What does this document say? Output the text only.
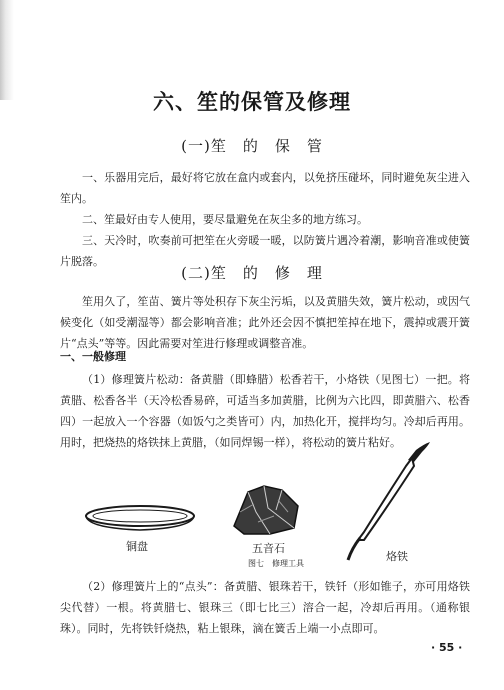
六、笙的保管及修理
(一)笙　的　保　管
一、乐器用完后，最好将它放在盒内或套内，以免挤压碰坏，同时避免灰尘进入笙内。
二、笙最好由专人使用，要尽量避免在灰尘多的地方练习。
三、天冷时，吹奏前可把笙在火旁暖一暖，以防簧片遇冷着潮，影响音准或使簧片脱落。
(二)笙　的　修　理
笙用久了，笙苗、簧片等处积存下灰尘污垢，以及黄腊失效，簧片松动，或因气候变化（如受潮湿等）都会影响音准；此外还会因不慎把笙掉在地下，震掉或震开簧片“点头”等等。因此需要对笙进行修理或调整音准。
一、一般修理
（1）修理簧片松动：备黄腊（即蜂腊）松香若干，小烙铁（见图七）一把。将黄腊、松香各半（天冷松香易碎，可适当多加黄腊，比例为六比四，即黄腊六、松香四）一起放入一个容器（如饭勺之类皆可）内，加热化开，搅拌均匀。冷却后再用。用时，把烧热的烙铁抹上黄腊，（如同焊锡一样），将松动的簧片粘好。
铜盘	五音石
烙铁
图七　修理工具
（2）修理簧片上的“点头”：备黄腊、银珠若干，铁钎（形如锥子，亦可用烙铁尖代替）一根。将黄腊七、银珠三（即七比三）溶合一起，冷却后再用。（通称银珠）。同时，先将铁钎烧热，粘上银珠，滴在簧舌上端一小点即可。
· 55 ·
